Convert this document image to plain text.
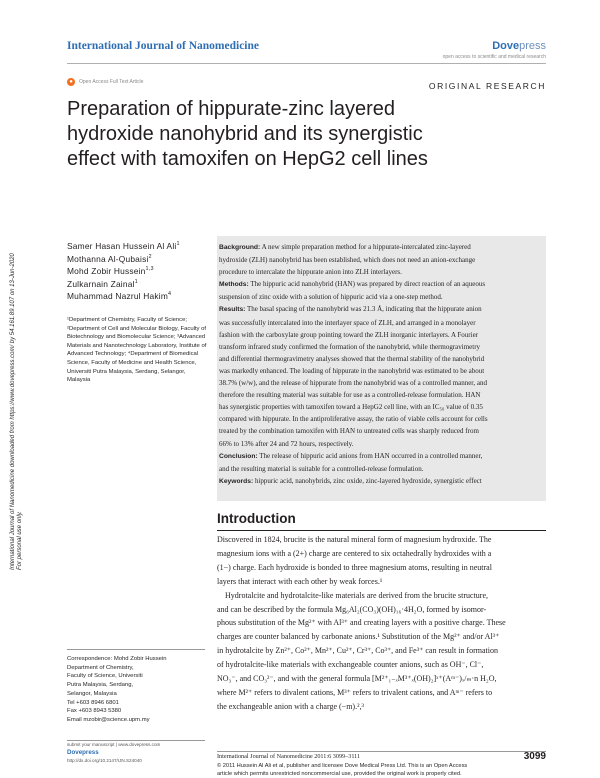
International Journal of Nanomedicine	Dovepress
open access to scientific and medical research
●	Open Access Full Text Article	ORIGINAL RESEARCH
Preparation of hippurate-zinc layered
hydroxide nanohybrid and its synergistic
effect with tamoxifen on HepG2 cell lines
International Journal of Nanomedicine downloaded from https://www.dovepress.com/ by 54.161.89.107 on 13-Jun-2020 For personal use only.
Samer Hasan Hussein Al Ali$^1$
Mothanna Al-Qubaisi$^2$
Mohd Zobir Hussein$^{1,3}$
Zulkarnain Zainal$^1$
Muhammad Nazrul Hakim$^4$
¹Department of Chemistry, Faculty of Science; ²Department of Cell and Molecular Biology, Faculty of Biotechnology and Biomolecular Science; ³Advanced Materials and Nanotechnology Laboratory, Institute of Advanced Technology; ⁴Department of Biomedical Science, Faculty of Medicine and Health Science, Universiti Putra Malaysia, Serdang, Selangor, Malaysia
Correspondence: Mohd Zobir Hussein
Department of Chemistry,
Faculty of Science, Universiti
Putra Malaysia, Serdang,
Selangor, Malaysia
Tel +603 8946 6801
Fax +603 8943 5380
Email mzobir@science.upm.my
Background: A new simple preparation method for a hippurate-intercalated zinc-layered
hydroxide (ZLH) nanohybrid has been established, which does not need an anion-exchange
procedure to intercalate the hippurate anion into ZLH interlayers.
Methods: The hippuric acid nanohybrid (HAN) was prepared by direct reaction of an aqueous
suspension of zinc oxide with a solution of hippuric acid via a one-step method.
Results: The basal spacing of the nanohybrid was 21.3 Å, indicating that the hippurate anion
was successfully intercalated into the interlayer space of ZLH, and arranged in a monolayer
fashion with the carboxylate group pointing toward the ZLH inorganic interlayers. A Fourier
transform infrared study confirmed the formation of the nanohybrid, while thermogravimetry
and differential thermogravimetry analyses showed that the thermal stability of the nanohybrid
was markedly enhanced. The loading of hippurate in the nanohybrid was estimated to be about
38.7% (w/w), and the release of hippurate from the nanohybrid was of a controlled manner, and
therefore the resulting material was suitable for use as a controlled-release formulation. HAN
has synergistic properties with tamoxifen toward a HepG2 cell line, with an IC₅₀ value of 0.35
compared with hippurate. In the antiproliferative assay, the ratio of viable cells account for cells
treated by the combination tamoxifen with HAN to untreated cells was sharply reduced from
66% to 13% after 24 and 72 hours, respectively.
Conclusion: The release of hippuric acid anions from HAN occurred in a controlled manner,
and the resulting material is suitable for a controlled-release formulation.
Keywords: hippuric acid, nanohybrids, zinc oxide, zinc-layered hydroxide, synergistic effect
Introduction
Discovered in 1824, brucite is the natural mineral form of magnesium hydroxide. The
magnesium ions with a (2+) charge are centered to six octahedrally hydroxides with a
(1−) charge. Each hydroxide is bonded to three magnesium atoms, resulting in neutral
layers that interact with each other by weak forces.¹
Hydrotalcite and hydrotalcite-like materials are derived from the brucite structure,
and can be described by the formula Mg₆Al₂(CO₃)(OH)₁₆·4H₂O, formed by isomor-
phous substitution of the Mg²⁺ with Al³⁺ and creating layers with a positive charge. These
charges are counter balanced by carbonate anions.¹ Substitution of the Mg²⁺ and/or Al³⁺
in hydrotalcite by Zn²⁺, Co²⁺, Mn²⁺, Cu²⁺, Cr³⁺, Co³⁺, and Fe³⁺ can result in formation
of hydrotalcite-like materials with exchangeable counter anions, such as OH⁻, Cl⁻,
NO₃⁻, and CO₃²⁻, and with the general formula [M²⁺₁₋ₓM³⁺ₓ(OH)₂]ˣ⁺(Aᵐ⁻)ₓ/ₘ·n H₂O,
where M²⁺ refers to divalent cations, M³⁺ refers to trivalent cations, and Aᵐ⁻ refers to
the exchangeable anion with a charge (−m).²,³
submit your manuscript | www.dovepress.com
Dovepress
http://dx.doi.org/10.2147/IJN.S24040
International Journal of Nanomedicine 2011:6 3099–3111	3099
© 2011 Hussein Al Ali et al, publisher and licensee Dove Medical Press Ltd. This is an Open Access
article which permits unrestricted noncommercial use, provided the original work is properly cited.
